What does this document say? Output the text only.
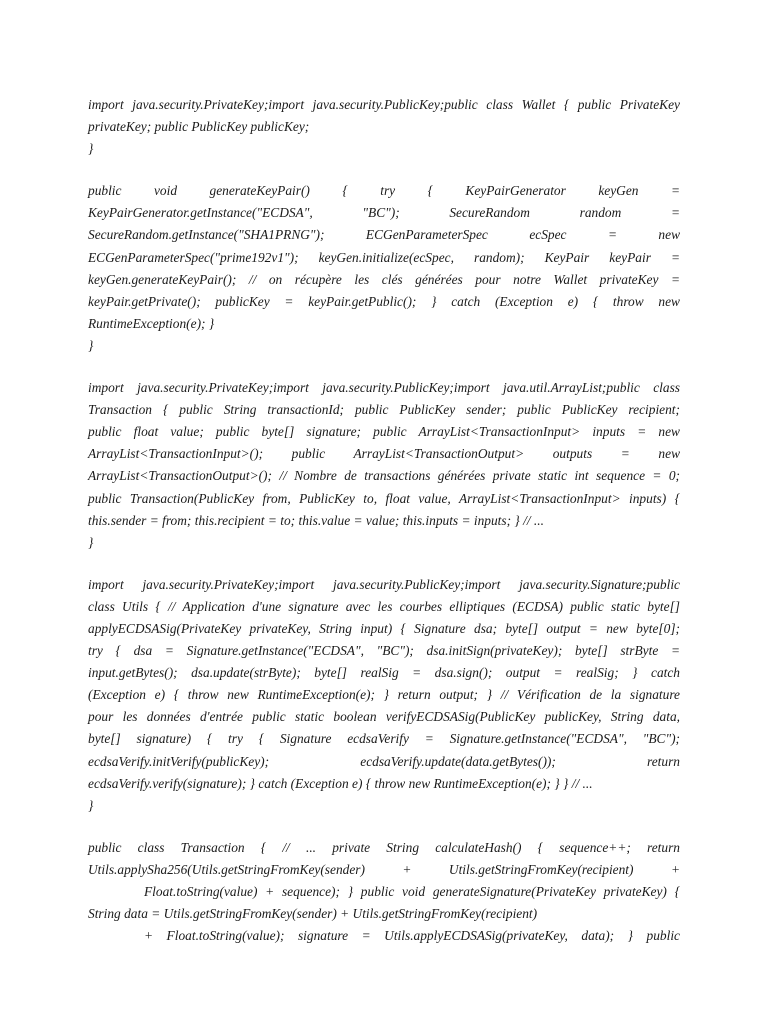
import java.security.PrivateKey;import java.security.PublicKey;public class Wallet { public PrivateKey
privateKey; public PublicKey publicKey;
}
public void generateKeyPair() { try { KeyPairGenerator keyGen =
KeyPairGenerator.getInstance("ECDSA", "BC"); SecureRandom random =
SecureRandom.getInstance("SHA1PRNG"); ECGenParameterSpec ecSpec = new
ECGenParameterSpec("prime192v1"); keyGen.initialize(ecSpec, random); KeyPair keyPair =
keyGen.generateKeyPair(); // on récupère les clés générées pour notre Wallet privateKey =
keyPair.getPrivate(); publicKey = keyPair.getPublic(); } catch (Exception e) { throw new
RuntimeException(e); }
}
import java.security.PrivateKey;import java.security.PublicKey;import java.util.ArrayList;public class
Transaction { public String transactionId; public PublicKey sender; public PublicKey recipient;
public float value; public byte[] signature; public ArrayList<TransactionInput> inputs = new
ArrayList<TransactionInput>(); public ArrayList<TransactionOutput> outputs = new
ArrayList<TransactionOutput>(); // Nombre de transactions générées private static int sequence = 0;
public Transaction(PublicKey from, PublicKey to, float value, ArrayList<TransactionInput> inputs) {
this.sender = from; this.recipient = to; this.value = value; this.inputs = inputs; } // ...
}
import java.security.PrivateKey;import java.security.PublicKey;import java.security.Signature;public
class Utils { // Application d'une signature avec les courbes elliptiques (ECDSA) public static byte[]
applyECDSASig(PrivateKey privateKey, String input) { Signature dsa; byte[] output = new byte[0];
try { dsa = Signature.getInstance("ECDSA", "BC"); dsa.initSign(privateKey); byte[] strByte =
input.getBytes(); dsa.update(strByte); byte[] realSig = dsa.sign(); output = realSig; } catch
(Exception e) { throw new RuntimeException(e); } return output; } // Vérification de la signature
pour les données d'entrée public static boolean verifyECDSASig(PublicKey publicKey, String data,
byte[] signature) { try { Signature ecdsaVerify = Signature.getInstance("ECDSA", "BC");
ecdsaVerify.initVerify(publicKey); ecdsaVerify.update(data.getBytes()); return
ecdsaVerify.verify(signature); } catch (Exception e) { throw new RuntimeException(e); } } // ...
}
public class Transaction { // ... private String calculateHash() { sequence++; return
Utils.applySha256(Utils.getStringFromKey(sender) + Utils.getStringFromKey(recipient) +
Float.toString(value) + sequence); } public void generateSignature(PrivateKey privateKey) {
String data = Utils.getStringFromKey(sender) + Utils.getStringFromKey(recipient)
+ Float.toString(value); signature = Utils.applyECDSASig(privateKey, data); } public
